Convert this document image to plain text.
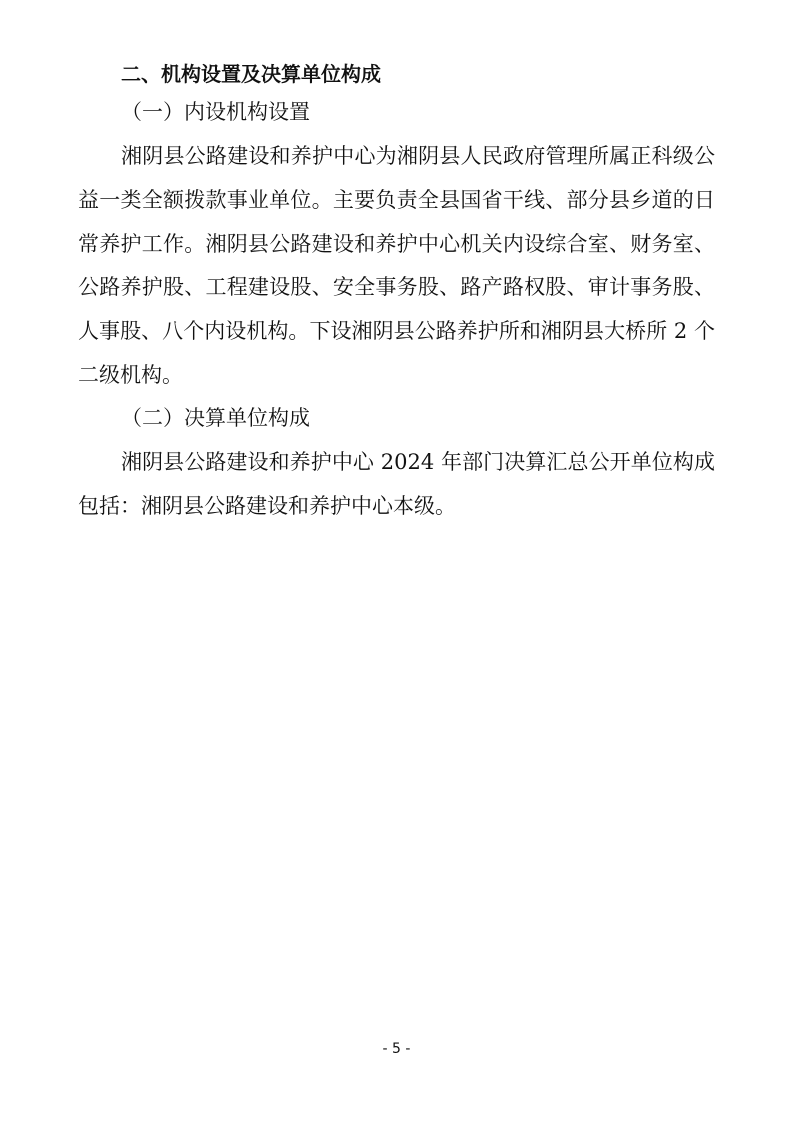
二、机构设置及决算单位构成
（一）内设机构设置
湘阴县公路建设和养护中心为湘阴县人民政府管理所属正科级公
益一类全额拨款事业单位。主要负责全县国省干线、部分县乡道的日
常养护工作。湘阴县公路建设和养护中心机关内设综合室、财务室、
公路养护股、工程建设股、安全事务股、路产路权股、审计事务股、
人事股、八个内设机构。下设湘阴县公路养护所和湘阴县大桥所 2 个
二级机构。
（二）决算单位构成
湘阴县公路建设和养护中心 2024 年部门决算汇总公开单位构成
包括：湘阴县公路建设和养护中心本级。
- 5 -
